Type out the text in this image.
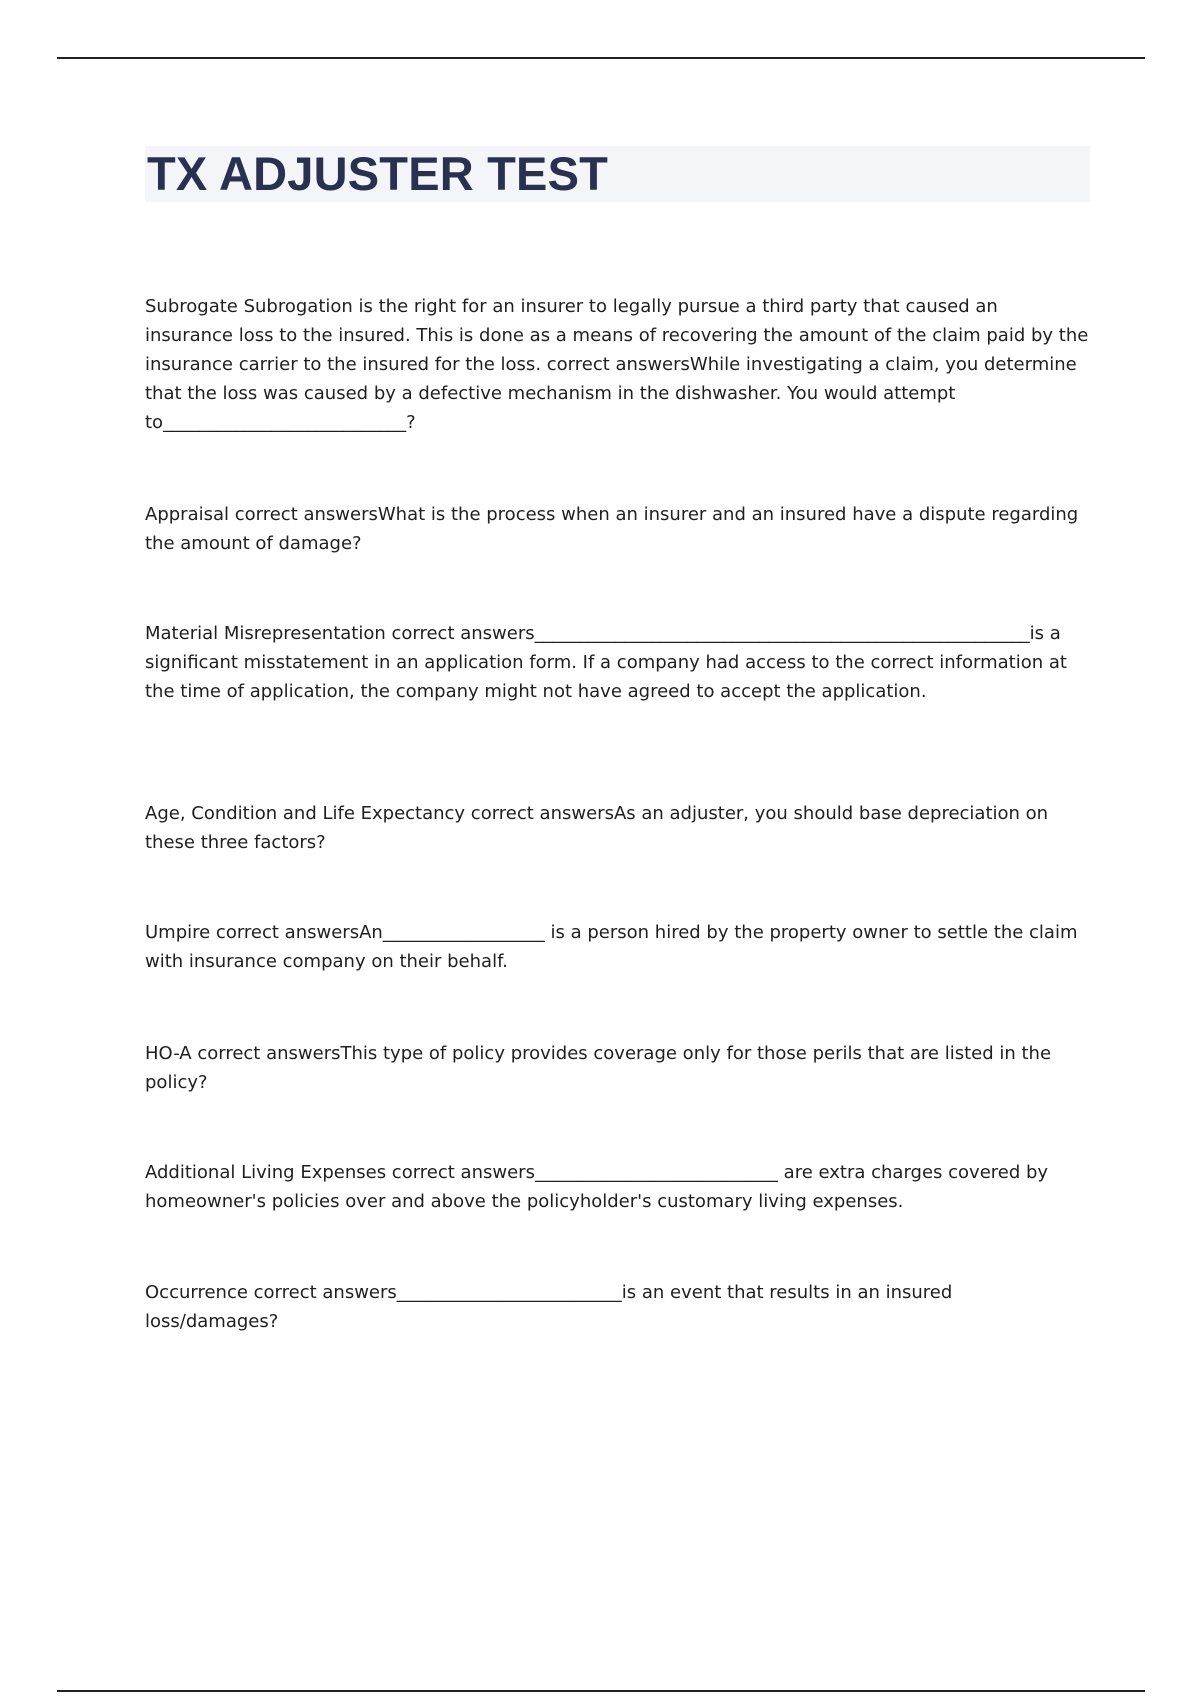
TX ADJUSTER TEST
Subrogate Subrogation is the right for an insurer to legally pursue a third party that caused an insurance loss to the insured. This is done as a means of recovering the amount of the claim paid by the insurance carrier to the insured for the loss. correct answersWhile investigating a claim, you determine that the loss was caused by a defective mechanism in the dishwasher. You would attempt to___________________________?
Appraisal correct answersWhat is the process when an insurer and an insured have a dispute regarding the amount of damage?
Material Misrepresentation correct answers_______________________________________________________is a significant misstatement in an application form. If a company had access to the correct information at the time of application, the company might not have agreed to accept the application.
Age, Condition and Life Expectancy correct answersAs an adjuster, you should base depreciation on these three factors?
Umpire correct answersAn__________________ is a person hired by the property owner to settle the claim with insurance company on their behalf.
HO-A correct answersThis type of policy provides coverage only for those perils that are listed in the policy?
Additional Living Expenses correct answers___________________________ are extra charges covered by homeowner's policies over and above the policyholder's customary living expenses.
Occurrence correct answers_________________________is an event that results in an insured loss/damages?
